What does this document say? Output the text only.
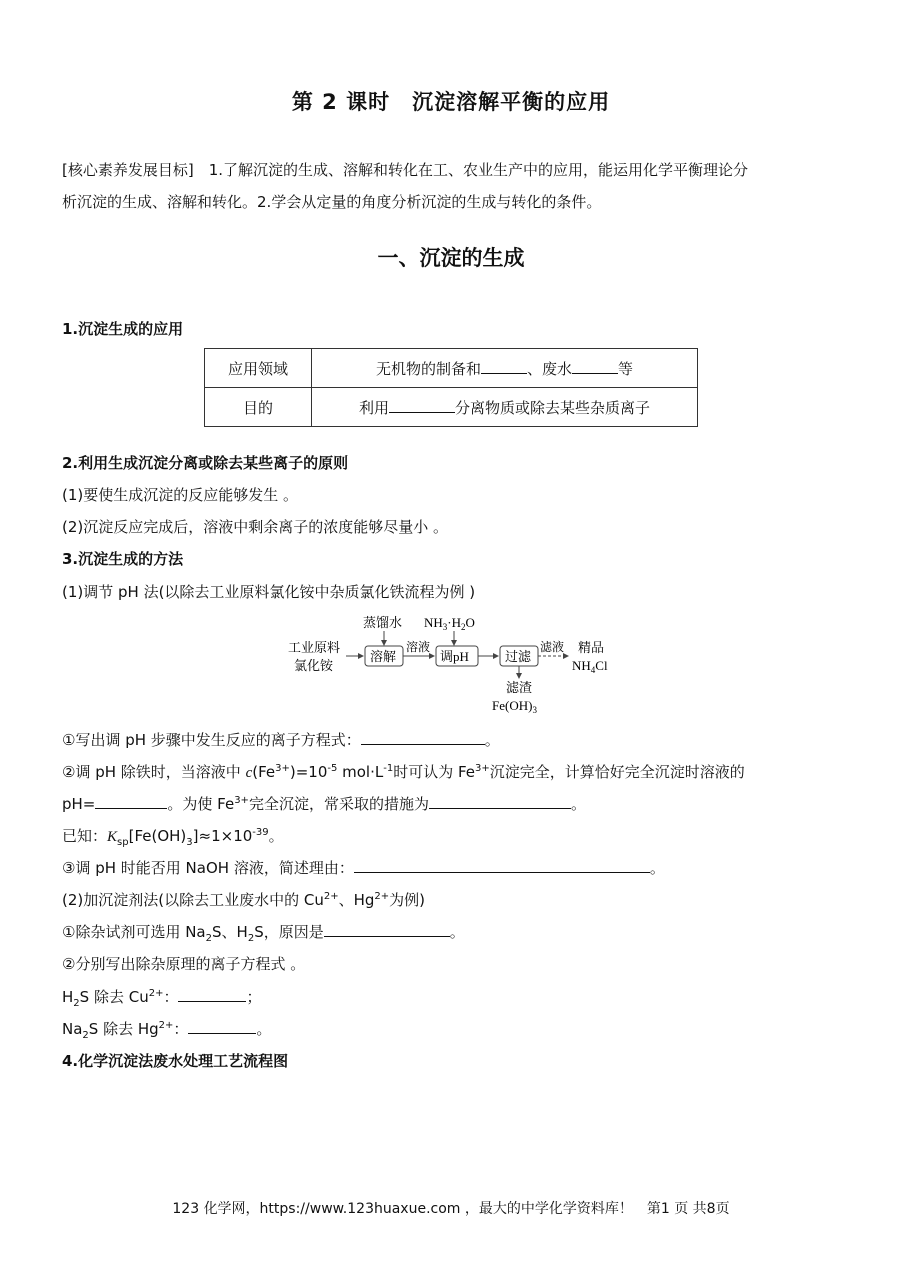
第 2 课时　沉淀溶解平衡的应用
[核心素养发展目标]　1.了解沉淀的生成、溶解和转化在工、农业生产中的应用，能运用化学平衡理论分
析沉淀的生成、溶解和转化。2.学会从定量的角度分析沉淀的生成与转化的条件。
一、沉淀的生成
1.沉淀生成的应用
应用领域	无机物的制备和 、废水 等
目的	利用 分离物质或除去某些杂质离子
2.利用生成沉淀分离或除去某些离子的原则
(1)要使生成沉淀的反应能够发生 。
(2)沉淀反应完成后，溶液中剩余离子的浓度能够尽量小 。
3.沉淀生成的方法
(1)调节 pH 法(以除去工业原料氯化铵中杂质氯化铁流程为例 )
工业原料
氯化铵
蒸馏水
溶解
溶液
$NH_3\cdot H_2O$
调pH	过滤
滤液 精品
$NH_4Cl$
滤渣
$Fe(OH)_3$
①写出调 pH 步骤中发生反应的离子方程式：	。
②调 pH 除铁时，当溶液中 $c(Fe^{3+})=10^{-5}$ $mol\cdot L^{-1}$时可认为 $Fe^{3+}$沉淀完全，计算恰好完全沉淀时溶液的
pH=	。为使 $Fe^{3+}$完全沉淀，常采取的措施为	。
已知：$K_{sp}[Fe(OH)_3]\approx 1\times 10^{-39}$。
③调 pH 时能否用 NaOH 溶液，简述理由：	。
(2)加沉淀剂法(以除去工业废水中的 $Cu^{2+}$、$Hg^{2+}$为例)
①除杂试剂可选用 $Na_2S$、$H_2S$，原因是	。
②分别写出除杂原理的离子方程式 。
$H_2S$ 除去 $Cu^{2+}$：	；
$Na_2S$ 除去 $Hg^{2+}$：	。
4.化学沉淀法废水处理工艺流程图
123 化学网，https://www.123huaxue.com ，最大的中学化学资料库！　第1 页 共8页
